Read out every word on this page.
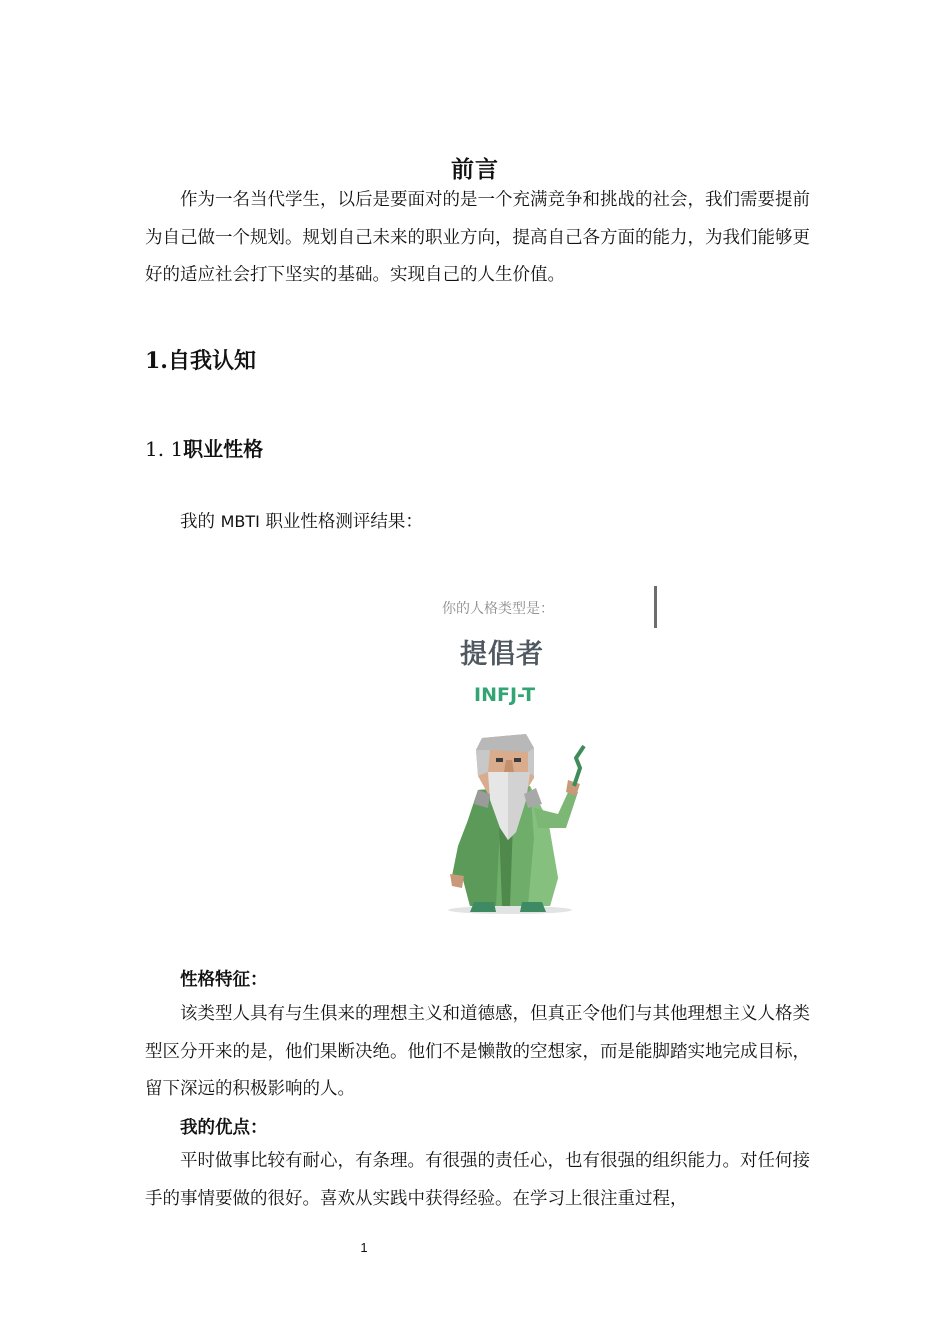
前言

作为一名当代学生，以后是要面对的是一个充满竞争和挑战的社会，我们需要提前为自己做一个规划。规划自己未来的职业方向，提高自己各方面的能力，为我们能够更好的适应社会打下坚实的基础。实现自己的人生价值。

1.自我认知
1. 1职业性格

我的 MBTI 职业性格测评结果：

你的人格类型是：
提倡者
INFJ-T

性格特征：

该类型人具有与生俱来的理想主义和道德感，但真正令他们与其他理想主义人格类型区分开来的是，他们果断决绝。他们不是懒散的空想家，而是能脚踏实地完成目标，留下深远的积极影响的人。

我的优点：

平时做事比较有耐心，有条理。有很强的责任心，也有很强的组织能力。对任何接手的事情要做的很好。喜欢从实践中获得经验。在学习上很注重过程，

1
